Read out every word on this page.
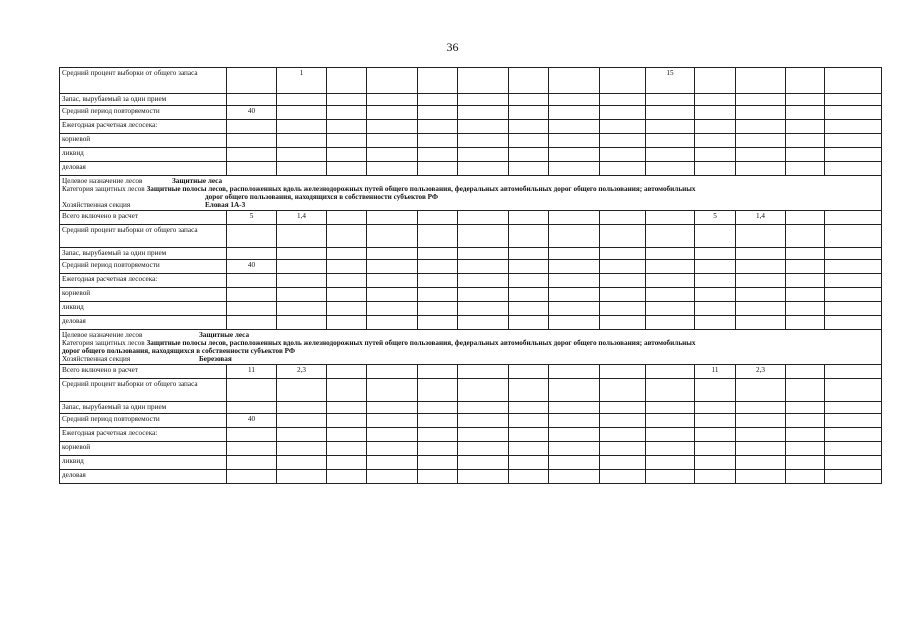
36
Средний процент выборки от общего запаса		1								15				
Запас, вырубаемый за один прием														
Средний период повторяемости	40													
Ежегодная расчетная лесосека:														
корневой														
ликвид														
деловая														

Целевое назначение лесов Защитные леса
Категория защитных лесов Защитные полосы лесов, расположенных вдоль железнодорожных путей общего пользования, федеральных автомобильных дорог общего пользования; автомобильных
дорог общего пользования, находящихся в собственности субъектов РФ
Хозяйственная секция Еловая 1А-3														

Всего включено в расчет	5	1,4									5	1,4		
Средний процент выборки от общего запаса														
Запас, вырубаемый за один прием														
Средний период повторяемости	40													
Ежегодная расчетная лесосека:														
корневой														
ликвид														
деловая														

Целевое назначение лесов Защитные леса
Категория защитных лесов Защитные полосы лесов, расположенных вдоль железнодорожных путей общего пользования, федеральных автомобильных дорог общего пользования; автомобильных
дорог общего пользования, находящихся в собственности субъектов РФ
Хозяйственная секция Березовая														

Всего включено в расчет	11	2,3									11	2,3		
Средний процент выборки от общего запаса														
Запас, вырубаемый за один прием														
Средний период повторяемости	40													
Ежегодная расчетная лесосека:														
корневой														
ликвид														
деловая														
